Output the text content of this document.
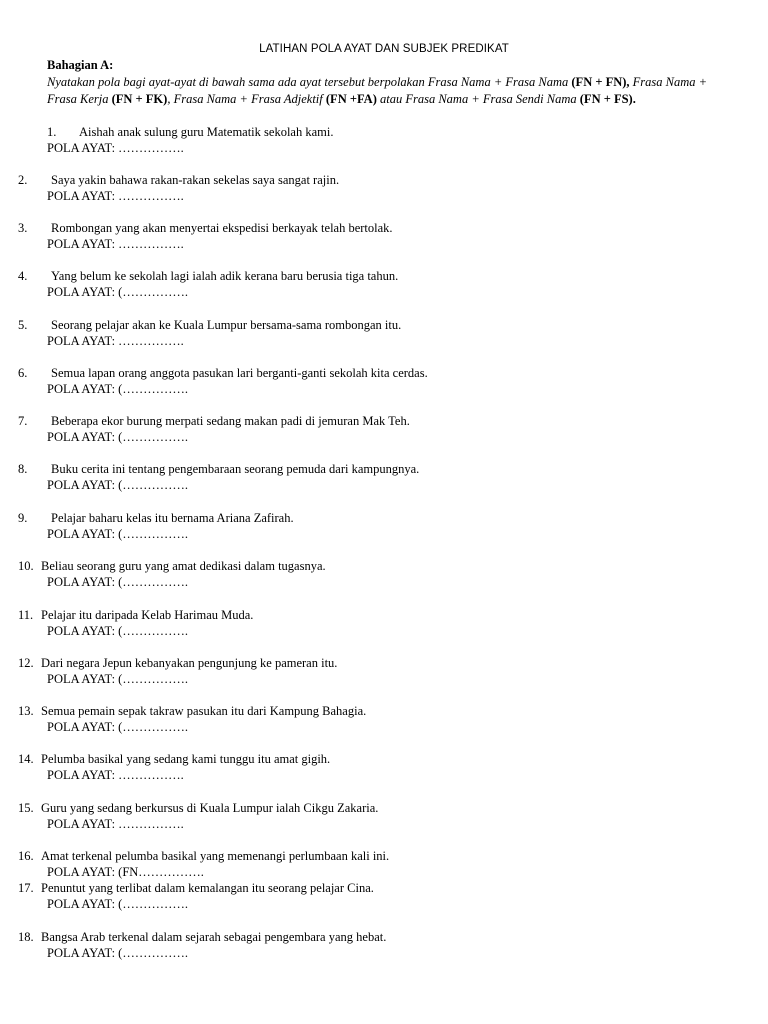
LATIHAN POLA AYAT DAN SUBJEK PREDIKAT
Bahagian A:
Nyatakan pola bagi ayat-ayat di bawah sama ada ayat tersebut berpolakan Frasa Nama + Frasa Nama (FN + FN), Frasa Nama + Frasa Kerja (FN + FK), Frasa Nama + Frasa Adjektif (FN +FA) atau Frasa Nama + Frasa Sendi Nama (FN + FS).
1. Aishah anak sulung guru Matematik sekolah kami.
POLA AYAT: …………….
2. Saya yakin bahawa rakan-rakan sekelas saya sangat rajin.
POLA AYAT: …………….
3. Rombongan yang akan menyertai ekspedisi berkayak telah bertolak.
POLA AYAT: …………….
4. Yang belum ke sekolah lagi ialah adik kerana baru berusia tiga tahun.
POLA AYAT: (…………….
5. Seorang pelajar akan ke Kuala Lumpur bersama-sama rombongan itu.
POLA AYAT: …………….
6. Semua lapan orang anggota pasukan lari berganti-ganti sekolah kita cerdas.
POLA AYAT: (…………….
7. Beberapa ekor burung merpati sedang makan padi di jemuran Mak Teh.
POLA AYAT: (…………….
8. Buku cerita ini tentang pengembaraan seorang pemuda dari kampungnya.
POLA AYAT: (…………….
9. Pelajar baharu kelas itu bernama Ariana Zafirah.
POLA AYAT: (…………….
10. Beliau seorang guru yang amat dedikasi dalam tugasnya.
POLA AYAT: (…………….
11. Pelajar itu daripada Kelab Harimau Muda.
POLA AYAT: (…………….
12. Dari negara Jepun kebanyakan pengunjung ke pameran itu.
POLA AYAT: (…………….
13. Semua pemain sepak takraw pasukan itu dari Kampung Bahagia.
POLA AYAT: (…………….
14. Pelumba basikal yang sedang kami tunggu itu amat gigih.
POLA AYAT: …………….
15. Guru yang sedang berkursus di Kuala Lumpur ialah Cikgu Zakaria.
POLA AYAT: …………….
16. Amat terkenal pelumba basikal yang memenangi perlumbaan kali ini.
POLA AYAT: (FN…………….
17. Penuntut yang terlibat dalam kemalangan itu seorang pelajar Cina.
POLA AYAT: (…………….
18. Bangsa Arab terkenal dalam sejarah sebagai pengembara yang hebat.
POLA AYAT: (…………….
